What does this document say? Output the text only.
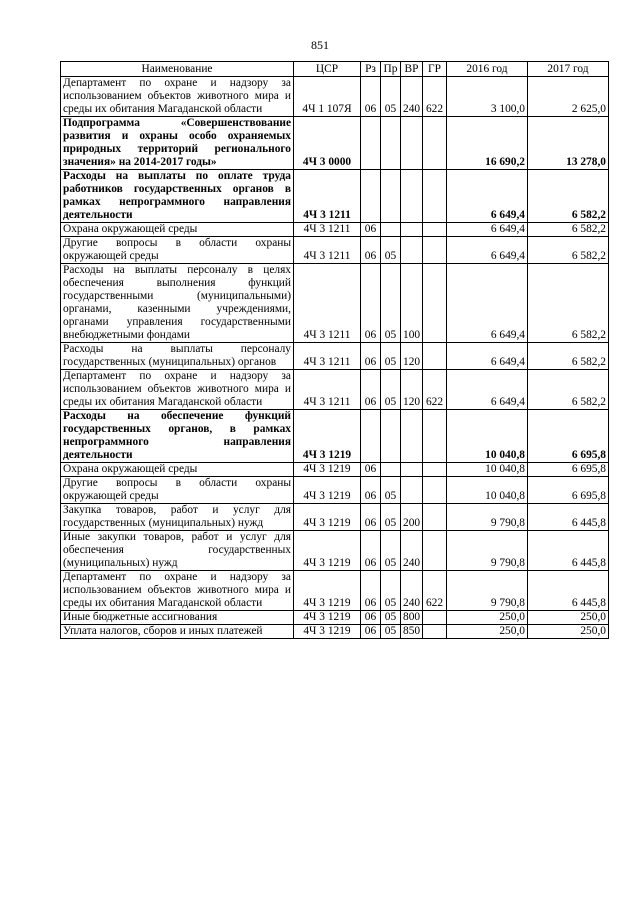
851
Наименование	ЦСР	Рз	Пр	ВР	ГР	2016 год	2017 год
Департамент по охране и надзору за использованием объектов животного мира и среды их обитания Магаданской области	4Ч 1 107Я	06	05	240	622	3 100,0	2 625,0
Подпрограмма «Совершенствование развития и охраны особо охраняемых природных территорий регионального значения» на 2014-2017 годы»	4Ч 3 0000					16 690,2	13 278,0
Расходы на выплаты по оплате труда работников государственных органов в рамках непрограммного направления деятельности	4Ч 3 1211					6 649,4	6 582,2
Охрана окружающей среды	4Ч 3 1211	06				6 649,4	6 582,2
Другие вопросы в области охраны окружающей среды	4Ч 3 1211	06	05			6 649,4	6 582,2
Расходы на выплаты персоналу в целях обеспечения выполнения функций государственными (муниципальными) органами, казенными учреждениями, органами управления государственными внебюджетными фондами	4Ч 3 1211	06	05	100		6 649,4	6 582,2
Расходы на выплаты персоналу государственных (муниципальных) органов	4Ч 3 1211	06	05	120		6 649,4	6 582,2
Департамент по охране и надзору за использованием объектов животного мира и среды их обитания Магаданской области	4Ч 3 1211	06	05	120	622	6 649,4	6 582,2
Расходы на обеспечение функций государственных органов, в рамках непрограммного направления деятельности	4Ч 3 1219					10 040,8	6 695,8
Охрана окружающей среды	4Ч 3 1219	06				10 040,8	6 695,8
Другие вопросы в области охраны окружающей среды	4Ч 3 1219	06	05			10 040,8	6 695,8
Закупка товаров, работ и услуг для государственных (муниципальных) нужд	4Ч 3 1219	06	05	200		9 790,8	6 445,8
Иные закупки товаров, работ и услуг для обеспечения государственных (муниципальных) нужд	4Ч 3 1219	06	05	240		9 790,8	6 445,8
Департамент по охране и надзору за использованием объектов животного мира и среды их обитания Магаданской области	4Ч 3 1219	06	05	240	622	9 790,8	6 445,8
Иные бюджетные ассигнования	4Ч 3 1219	06	05	800		250,0	250,0
Уплата налогов, сборов и иных платежей	4Ч 3 1219	06	05	850		250,0	250,0
